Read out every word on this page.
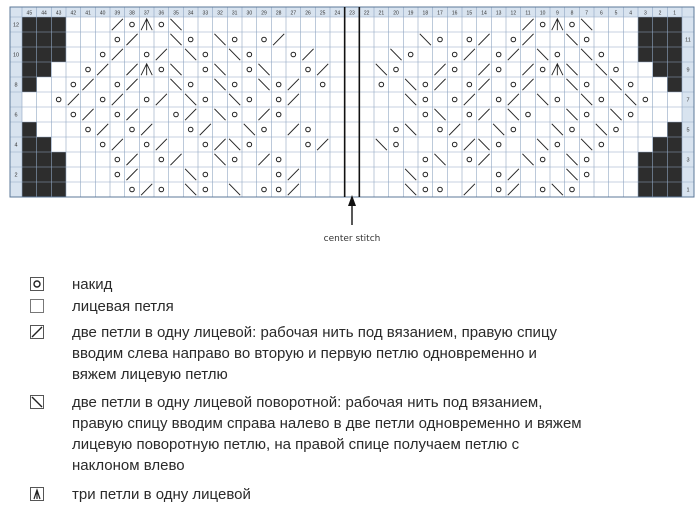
45 44 43 42 41 40 39 38 37 36 35 34 33 32 31 30 29 28 27 26 25 24 23 22 21 20 19 18 17 16 15 14 13 12 11 10 9 8 7 6 5 4 3 2 1
12
11
10
9
8
7
6
5
4
3
2
1
center stitch
накид
лицевая петля
две петли в одну лицевой: рабочая нить под вязанием, правую спицу
вводим слева направо во вторую и первую петлю одновременно и
вяжем лицевую петлю
две петли в одну лицевой поворотной: рабочая нить под вязанием,
правую спицу вводим справа налево в две петли одновременно и вяжем
лицевую поворотную петлю, на правой спице получаем петлю с
наклоном влево
три петли в одну лицевой
